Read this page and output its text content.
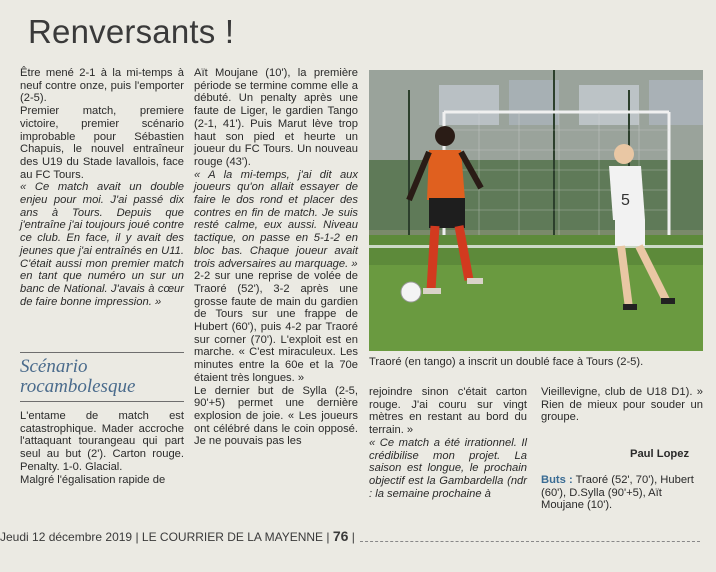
Renversants !

Être mené 2-1 à la mi-temps à neuf contre onze, puis l'emporter (2-5).

Premier match, premiere victoire, premier scénario improbable pour Sébastien Chapuis, le nouvel entraîneur des U19 du Stade lavallois, face au FC Tours.

« Ce match avait un double enjeu pour moi. J'ai passé dix ans à Tours. Depuis que j'entraîne j'ai toujours joué contre ce club. En face, il y avait des jeunes que j'ai entraînés en U11. C'était aussi mon premier match en tant que numéro un sur un banc de National. J'avais à cœur de faire bonne impression. »

Scénario rocambolesque

L'entame de match est catastrophique. Mader accroche l'attaquant tourangeau qui part seul au but (2'). Carton rouge. Penalty. 1-0. Glacial.

Malgré l'égalisation rapide de

Aït Moujane (10'), la première période se termine comme elle a débuté. Un penalty après une faute de Liger, le gardien Tango (2-1, 41'). Puis Marut lève trop haut son pied et heurte un joueur du FC Tours. Un nouveau rouge (43').

« A la mi-temps, j'ai dit aux joueurs qu'on allait essayer de faire le dos rond et placer des contres en fin de match. Je suis resté calme, eux aussi. Niveau tactique, on passe en 5-1-2 en bloc bas. Chaque joueur avait trois adversaires au marquage. »

2-2 sur une reprise de volée de Traoré (52'), 3-2 après une grosse faute de main du gardien de Tours sur une frappe de Hubert (60'), puis 4-2 par Traoré sur corner (70'). L'exploit est en marche. « C'est miraculeux. Les minutes entre la 60e et la 70e étaient très longues. »

Le dernier but de Sylla (2-5, 90'+5) permet une dernière explosion de joie. « Les joueurs ont célébré dans le coin opposé. Je ne pouvais pas les

5
Traoré (en tango) a inscrit un doublé face à Tours (2-5).

rejoindre sinon c'était carton rouge. J'ai couru sur vingt mètres en restant au bord du terrain. »

« Ce match a été irrationnel. Il crédibilise mon projet. La saison est longue, le prochain objectif est la Gambardella (ndr : la semaine prochaine à

Vieillevigne, club de U18 D1). » Rien de mieux pour souder un groupe.

Paul Lopez
Buts : Traoré (52', 70'), Hubert (60'), D.Sylla (90'+5), Aït Moujane (10').
Jeudi 12 décembre 2019 | LE COURRIER DE LA MAYENNE | 76 |
